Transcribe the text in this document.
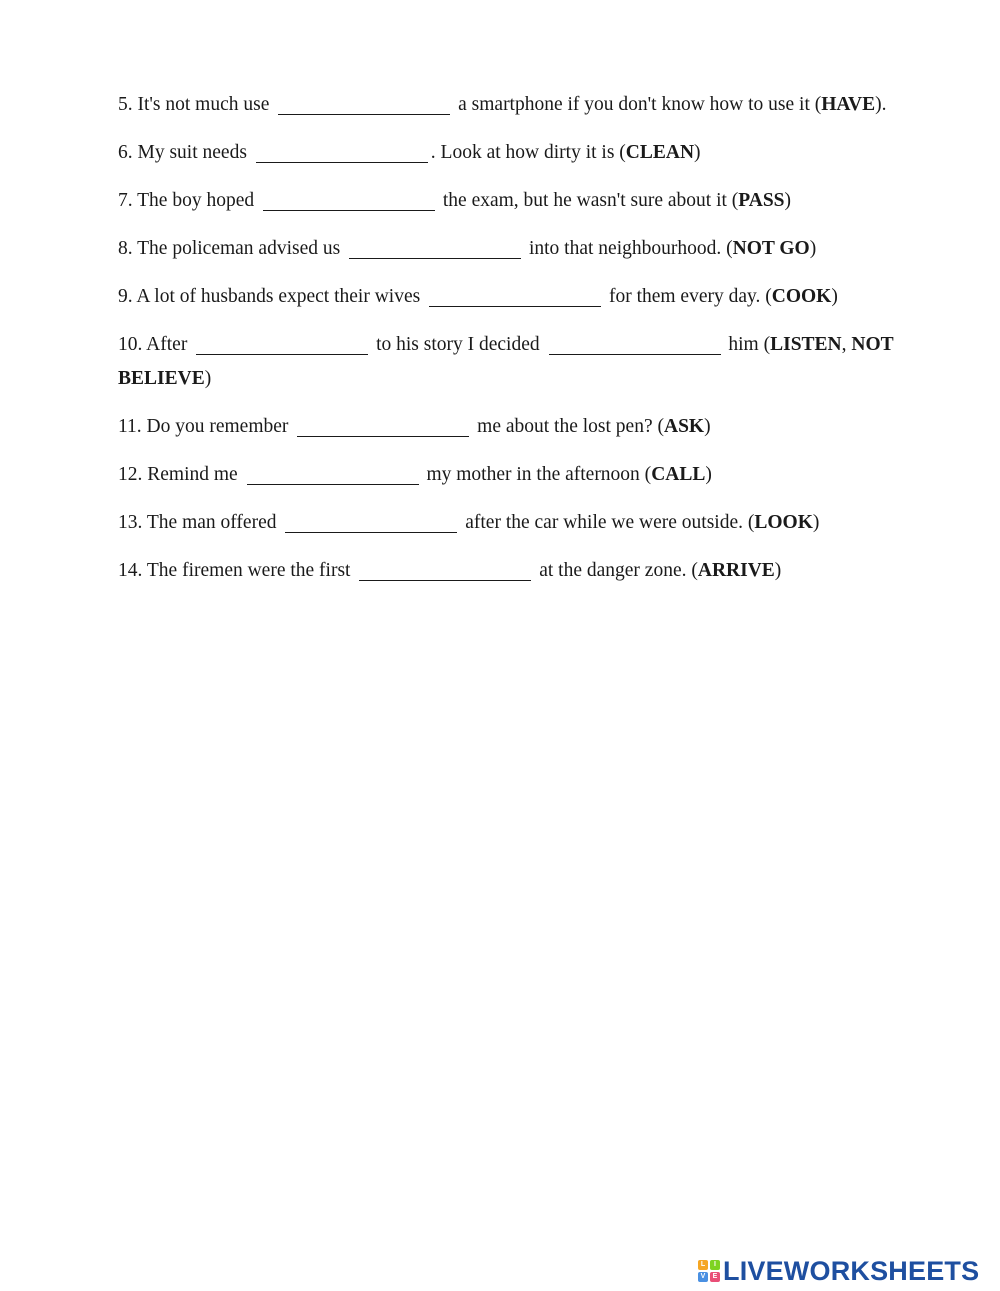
5. It's not much use	a smartphone if you don't know how to use it (HAVE).

6. My suit needs	. Look at how dirty it is (CLEAN)

7. The boy hoped	the exam, but he wasn't sure about it (PASS)

8. The policeman advised us	into that neighbourhood. (NOT GO)

9. A lot of husbands expect their wives	for them every day. (COOK)

10. After	to his story I decided	him (LISTEN, NOT BELIEVE)

11. Do you remember	me about the lost pen? (ASK)

12. Remind me	my mother in the afternoon (CALL)

13. The man offered	after the car while we were outside. (LOOK)

14. The firemen were the first	at the danger zone. (ARRIVE)

L	I
V	E LIVEWORKSHEETS
